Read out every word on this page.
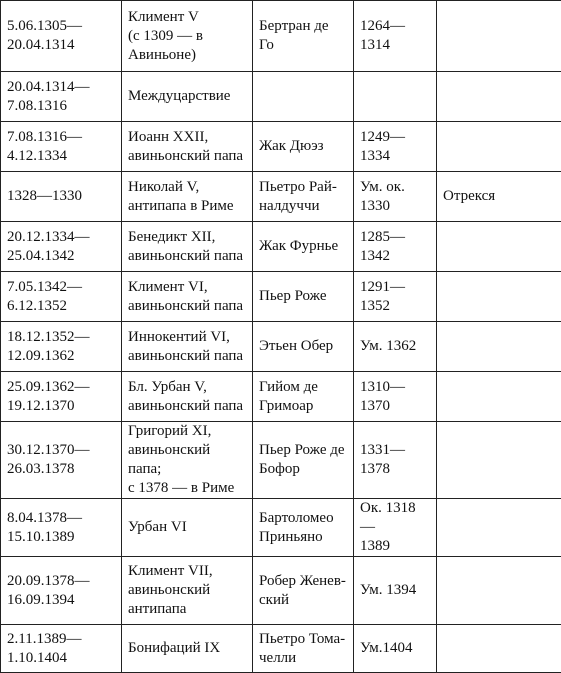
5.06.1305—
20.04.1314	Климент V
(с 1309 — в
Авиньоне)	Бертран де Го	1264—
1314	
20.04.1314—
7.08.1316	Междуцарствие			
7.08.1316—
4.12.1334	Иоанн XXII,
авиньонский папа	Жак Дюэз	1249—
1334	
1328—1330	Николай V,
антипапа в Риме	Пьетро Рай-
налдуччи	Ум. ок. 1330	Отрекся
20.12.1334—
25.04.1342	Бенедикт XII,
авиньонский папа	Жак Фурнье	1285—
1342	
7.05.1342—
6.12.1352	Климент VI,
авиньонский папа	Пьер Роже	1291—
1352	
18.12.1352—
12.09.1362	Иннокентий VI,
авиньонский папа	Этьен Обер	Ум. 1362	
25.09.1362—
19.12.1370	Бл. Урбан V,
авиньонский папа	Гийом де
Гримоар	1310—
1370	
30.12.1370—
26.03.1378	Григорий XI,
авиньонский папа;
с 1378 — в Риме	Пьер Роже де
Бофор	1331—
1378	
8.04.1378—
15.10.1389	Урбан VI	Бартоломео
Приньяно	Ок. 1318—
1389	
20.09.1378—
16.09.1394	Климент VII,
авиньонский
антипапа	Робер Женев-
ский	Ум. 1394	
2.11.1389—
1.10.1404	Бонифаций IX	Пьетро Тома-
челли	Ум.1404	
